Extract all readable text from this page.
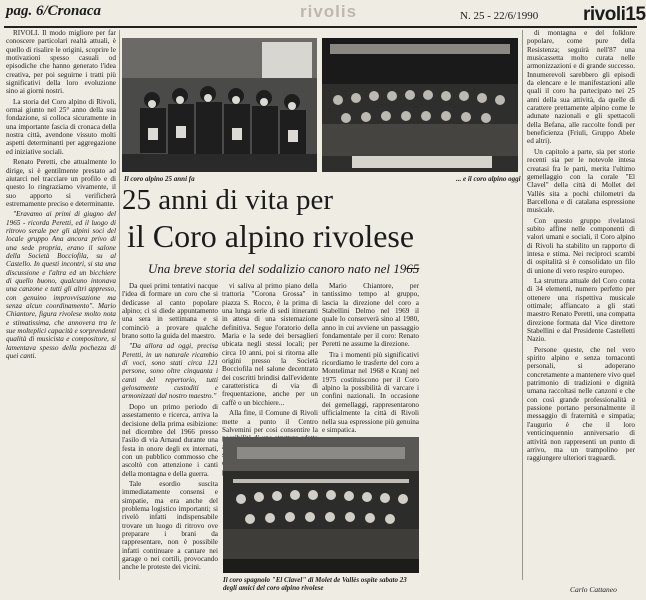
pag. 6/Cronaca	rivolis	N. 25 - 22/6/1990 rivoli15

RIVOLI. Il modo migliore per far conoscere particolari realtà attuali, è quello di risalire le origini, scoprire le motivazioni spesso casuali od episodiche che hanno generato l'idea creativa, per poi seguirne i tratti più significativi della loro evoluzione sino ai giorni nostri.

La storia del Coro alpino di Rivoli, ormai giunto nel 25° anno della sua fondazione, si colloca sicuramente in una importante fascia di cronaca della nostra città, avendone vissuto molti aspetti determinanti per aggregazione ed iniziative sociali.

Renato Peretti, che attualmente lo dirige, si è gentilmente prestato ad aiutarci nel tracciare un profilo e di questo lo ringraziamo vivamente, il suo apporto si verificherà estremamente preciso e determinante.

"Eravamo ai primi di giugno del 1965 - ricorda Peretti, ed il luogo di ritrovo serale per gli alpini soci del locale gruppo Ana ancora privo di una sede propria, erano il salone della Società Bocciofila, su al Castello. In questi incontri, si sta una discussione e l'altra ed un bicchiere di quello buono, qualcuno intonava una canzone e tutti gli altri appresso, con genuino improvvisazione ma senza alcun coordinamento". Mario Chiantore, figura rivolese molto nota e stimatissima, che annovera tra le sue molteplici capacità e sorprendenti qualità di musicista e compositore, si lamentava spesso della pochezza di quei canti.

Il coro alpino 25 anni fa	... e il coro alpino oggi
25 anni di vita per
il Coro alpino rivolese
Una breve storia del sodalizio canoro nato nel 1965

Da quei primi tentativi nacque l'idea di formare un coro che si dedicasse al canto popolare alpino; ci si diede appuntamento una sera in settimana e si cominciò a provare qualche brano sotto la guida del maestro.

"Da allora ad oggi, precisa Peretti, in un naturale ricambio di voci, sono stati circa 121 persone, sono oltre cinquanta i canti del repertorio, tutti gelosamente custoditi e armonizzati dal nostro maestro."

Dopo un primo periodo di assestamento e ricerca, arriva la decisione della prima esibizione: nel dicembre del 1966 presso l'asilo di via Arnaud durante una festa in onore degli ex internati, con un pubblico commosso che ascoltò con attenzione i canti della montagna e della guerra.

Tale esordio suscita immediatamente consensi e simpatie, ma era anche del problema logistico importanti; si rivelò infatti indispensabile trovare un luogo di ritrovo ove preparare i brani da rappresentare, non è possibile infatti continuare a cantare nei garage o nei cortili, provocando anche le proteste dei vicini.

vi saliva al primo piano della trattoria "Corona Grossa" in piazza S. Rocco, è la prima di una lunga serie di sedi itineranti in attesa di una sistemazione definitiva. Segue l'oratorio della Maria e la sede dei bersaglieri ubicata negli stessi locali; per circa 10 anni, poi si ritorna alle origini presso la Società Bocciofila nel salone decentrato dei coscritti brindisi dall'evidente caratteristica di via di frequentazione, anche per un caffè o un bicchiere...

Alla fine, il Comune di Rivoli mette a punto il Centro Salvemini per così consentire la

Mario Chiantore, per tantissimo tempo al gruppo, lascia la direzione del coro a Stabellini Delmo nel 1969 il quale lo conserverà sino al 1980, anno in cui avviene un passaggio fondamentale per il coro: Renato Peretti ne assume la direzione.

Tra i momenti più significativi ricordiamo le trasferte del coro a Montelimar nel 1968 e Kranj nel 1975 costituiscono per il Coro alpino la possibilità di varcare i confini nazionali. In occasione dei gemellaggi, rappresentarono ufficialmente la città di Rivoli nella sua espressione più genuina e simpatica.

Il coro spagnolo "El Clavel" di Molet de Vallès ospite sabato 23 degli amici del coro alpino rivolese

di montagna e del folklore popolare, come pure della Resistenza; seguirà nell'87 una musicassetta molto curata nelle armonizzazioni e di grande successo. Innumerevoli sarebbero gli episodi da elencare e le manifestazioni alle quali il coro ha partecipato nei 25 anni della sua attività, da quelle di carattere prettamente alpino come le adunate nazionali e gli spettacoli della Befana, alle raccolte fondi per beneficienza (Friuli, Gruppo Abele ed altri).

Un capitolo a parte, sia per storie recenti sia per le notevole intesa creatasi fra le parti, merita l'ultimo gemellaggio con la corale "El Clavel" della città di Mollet del Vallès sita a pochi chilometri da Barcellona e di catalana espressione musicale.

Con questo gruppo rivelatosi subito affine nelle componenti di valori umani e sociali, il Coro alpino di Rivoli ha stabilito un rapporto di intesa e stima. Nei reciproci scambi di ospitalità si è consolidato un filo di unione di vero respiro europeo.

La struttura attuale del Coro conta di 34 elementi, numero perfetto per ottenere una rispettiva musicale ottimale; affiancato a gli stati maestro Renato Peretti, una compatta direzione formata dal Vice direttore Stabellini e dal Presidente Castelletti Nazio.

Persone queste, che nel vero spirito alpino e senza tornaconti personali, si adoperano concretamente a mantenere vivo quel patrimonio di tradizioni e dignità umana raccoltasi nelle canzoni e che con così grande professionalità e passione portano personalmente il messaggio di fraternità e simpatia; l'augurio è che il loro venticinquennio anniversario di attività non rappresenti un punto di arrivo, ma un trampolino per raggiungere ulteriori traguardi.

Carlo Cattaneo
